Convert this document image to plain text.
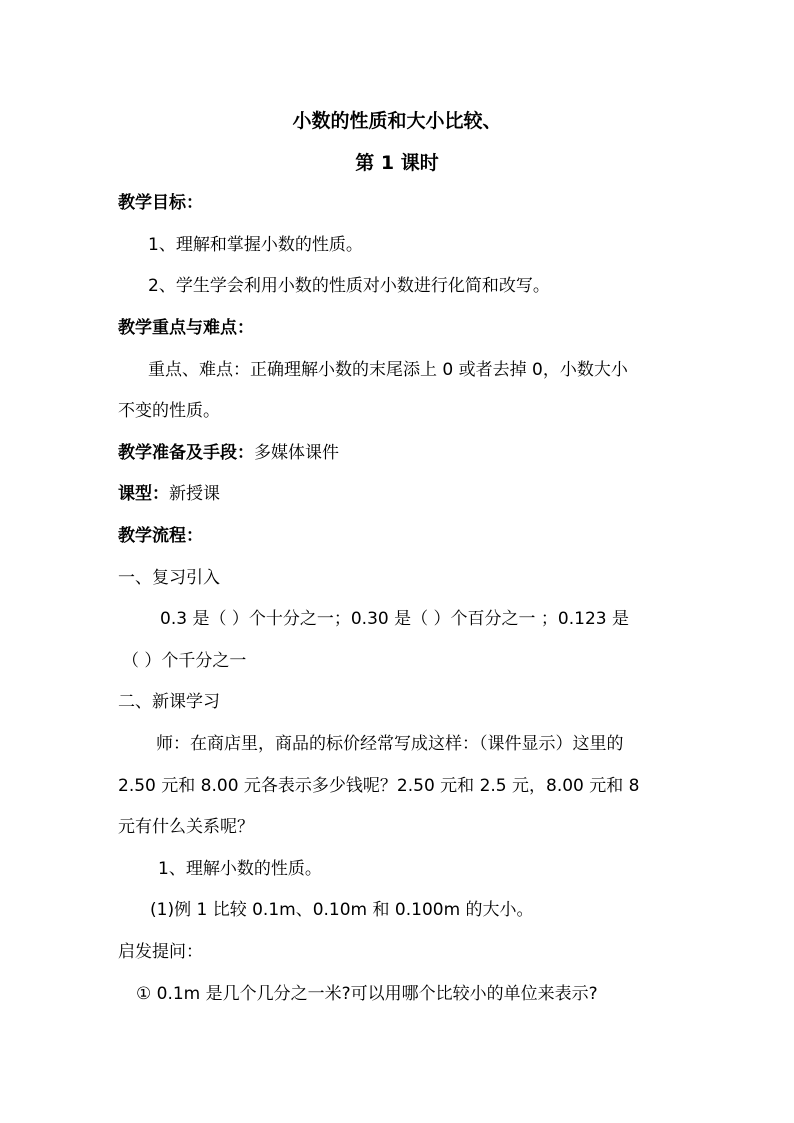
小数的性质和大小比较、
第 1 课时
教学目标：
1、理解和掌握小数的性质。
2、学生学会利用小数的性质对小数进行化简和改写。
教学重点与难点：
重点、难点：正确理解小数的末尾添上 0 或者去掉 0，小数大小
不变的性质。
教学准备及手段：多媒体课件
课型：新授课
教学流程：
一、复习引入
0.3 是（ ）个十分之一；0.30 是（ ）个百分之一 ；0.123 是
（ ）个千分之一
二、新课学习
师：在商店里，商品的标价经常写成这样：（课件显示）这里的
2.50 元和 8.00 元各表示多少钱呢？2.50 元和 2.5 元，8.00 元和 8
元有什么关系呢？
1、理解小数的性质。
(1)例 1 比较 0.1m、0.10m 和 0.100m 的大小。
启发提问：
① 0.1m 是几个几分之一米?可以用哪个比较小的单位来表示?
